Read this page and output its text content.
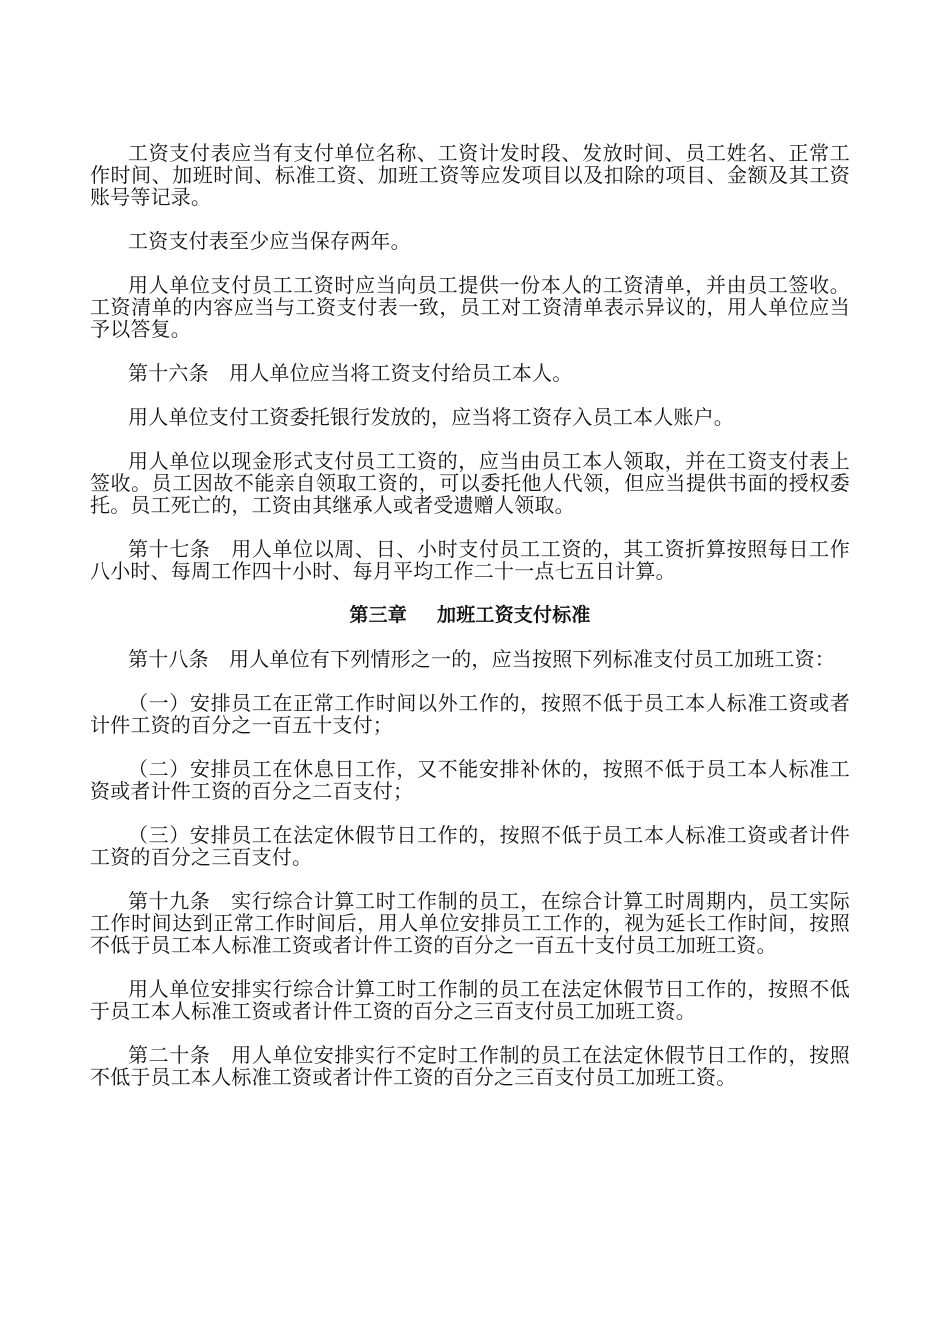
工资支付表应当有支付单位名称、工资计发时段、发放时间、员工姓名、正常工作时间、加班时间、标准工资、加班工资等应发项目以及扣除的项目、金额及其工资账号等记录。

工资支付表至少应当保存两年。

用人单位支付员工工资时应当向员工提供一份本人的工资清单，并由员工签收。工资清单的内容应当与工资支付表一致，员工对工资清单表示异议的，用人单位应当予以答复。

第十六条　用人单位应当将工资支付给员工本人。

用人单位支付工资委托银行发放的，应当将工资存入员工本人账户。

用人单位以现金形式支付员工工资的，应当由员工本人领取，并在工资支付表上签收。员工因故不能亲自领取工资的，可以委托他人代领，但应当提供书面的授权委托。员工死亡的，工资由其继承人或者受遗赠人领取。

第十七条　用人单位以周、日、小时支付员工工资的，其工资折算按照每日工作八小时、每周工作四十小时、每月平均工作二十一点七五日计算。

第三章 加班工资支付标准

第十八条　用人单位有下列情形之一的，应当按照下列标准支付员工加班工资：

（一）安排员工在正常工作时间以外工作的，按照不低于员工本人标准工资或者计件工资的百分之一百五十支付；

（二）安排员工在休息日工作，又不能安排补休的，按照不低于员工本人标准工资或者计件工资的百分之二百支付；

（三）安排员工在法定休假节日工作的，按照不低于员工本人标准工资或者计件工资的百分之三百支付。

第十九条　实行综合计算工时工作制的员工，在综合计算工时周期内，员工实际工作时间达到正常工作时间后，用人单位安排员工工作的，视为延长工作时间，按照不低于员工本人标准工资或者计件工资的百分之一百五十支付员工加班工资。

用人单位安排实行综合计算工时工作制的员工在法定休假节日工作的，按照不低于员工本人标准工资或者计件工资的百分之三百支付员工加班工资。

第二十条　用人单位安排实行不定时工作制的员工在法定休假节日工作的，按照不低于员工本人标准工资或者计件工资的百分之三百支付员工加班工资。
